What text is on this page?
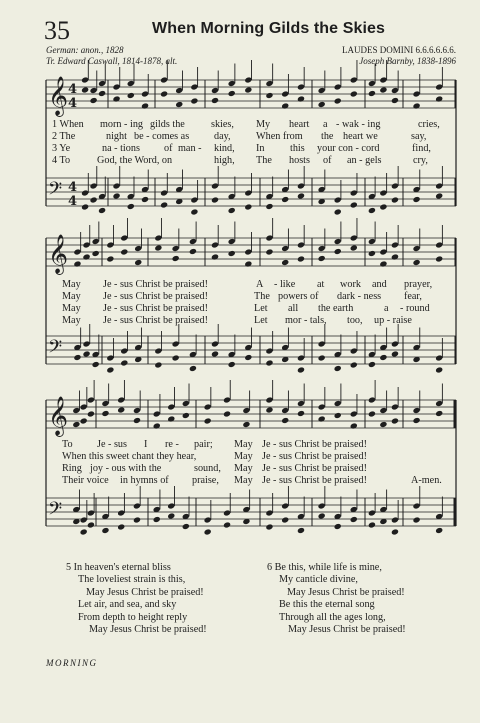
35	When Morning Gilds the Skies
German: anon., 1828
Tr. Edward Caswall, 1814-1878, alt.
LAUDES DOMINI 6.6.6.6.6.6.
Joseph Barnby, 1838-1896
𝄞 4
4
𝄢 4
4
1 When morn - ing gilds the	skies, My heart a - wak - ing	cries,
2 The	night be - comes as day, When from the heart we	say,
3 Ye	na - tions of man - kind, In	this your con - cord	find,
4 To	God, the Word, on	high, The hosts of an - gels	cry,
𝄞
𝄢
May Je - sus Christ be praised!	A - like at work and prayer,
May Je - sus Christ be praised!	The powers of dark - ness fear,
May Je - sus Christ be praised!	Let all the earth	a - round
May Je - sus Christ be praised!	Let mor - tals, too, up - raise
𝄞
𝄢
To Je - sus I re - pair; May Je - sus Christ be praised!
When this sweet chant they hear,	May Je - sus Christ be praised!
Ring joy - ous with the	sound, May Je - sus Christ be praised!
Their voice in hymns of praise, May Je - sus Christ be praised!	A-men.
5 In heaven's eternal bliss
The loveliest strain is this,
May Jesus Christ be praised!
Let air, and sea, and sky
From depth to height reply
May Jesus Christ be praised!
6 Be this, while life is mine,
My canticle divine,
May Jesus Christ be praised!
Be this the eternal song
Through all the ages long,
May Jesus Christ be praised!
MORNING
